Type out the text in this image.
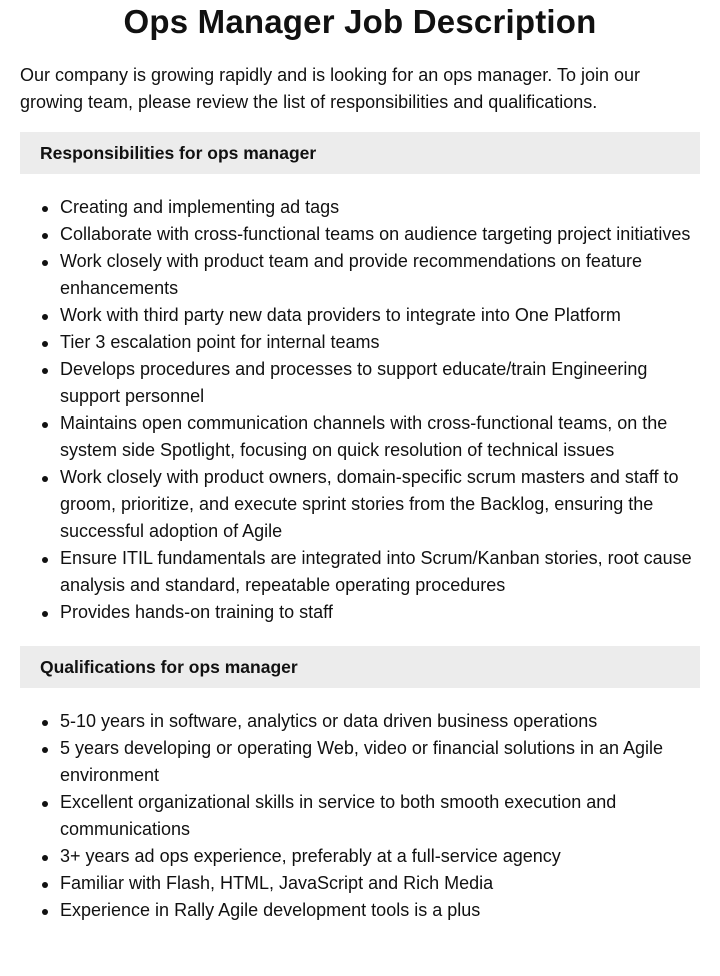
Ops Manager Job Description

Our company is growing rapidly and is looking for an ops manager. To join our growing team, please review the list of responsibilities and qualifications.

Responsibilities for ops manager
Creating and implementing ad tags
Collaborate with cross-functional teams on audience targeting project initiatives
Work closely with product team and provide recommendations on feature enhancements
Work with third party new data providers to integrate into One Platform
Tier 3 escalation point for internal teams
Develops procedures and processes to support educate/train Engineering support personnel
Maintains open communication channels with cross-functional teams, on the system side Spotlight, focusing on quick resolution of technical issues
Work closely with product owners, domain-specific scrum masters and staff to groom, prioritize, and execute sprint stories from the Backlog, ensuring the successful adoption of Agile
Ensure ITIL fundamentals are integrated into Scrum/Kanban stories, root cause analysis and standard, repeatable operating procedures
Provides hands-on training to staff
Qualifications for ops manager
5-10 years in software, analytics or data driven business operations
5 years developing or operating Web, video or financial solutions in an Agile environment
Excellent organizational skills in service to both smooth execution and communications
3+ years ad ops experience, preferably at a full-service agency
Familiar with Flash, HTML, JavaScript and Rich Media
Experience in Rally Agile development tools is a plus
